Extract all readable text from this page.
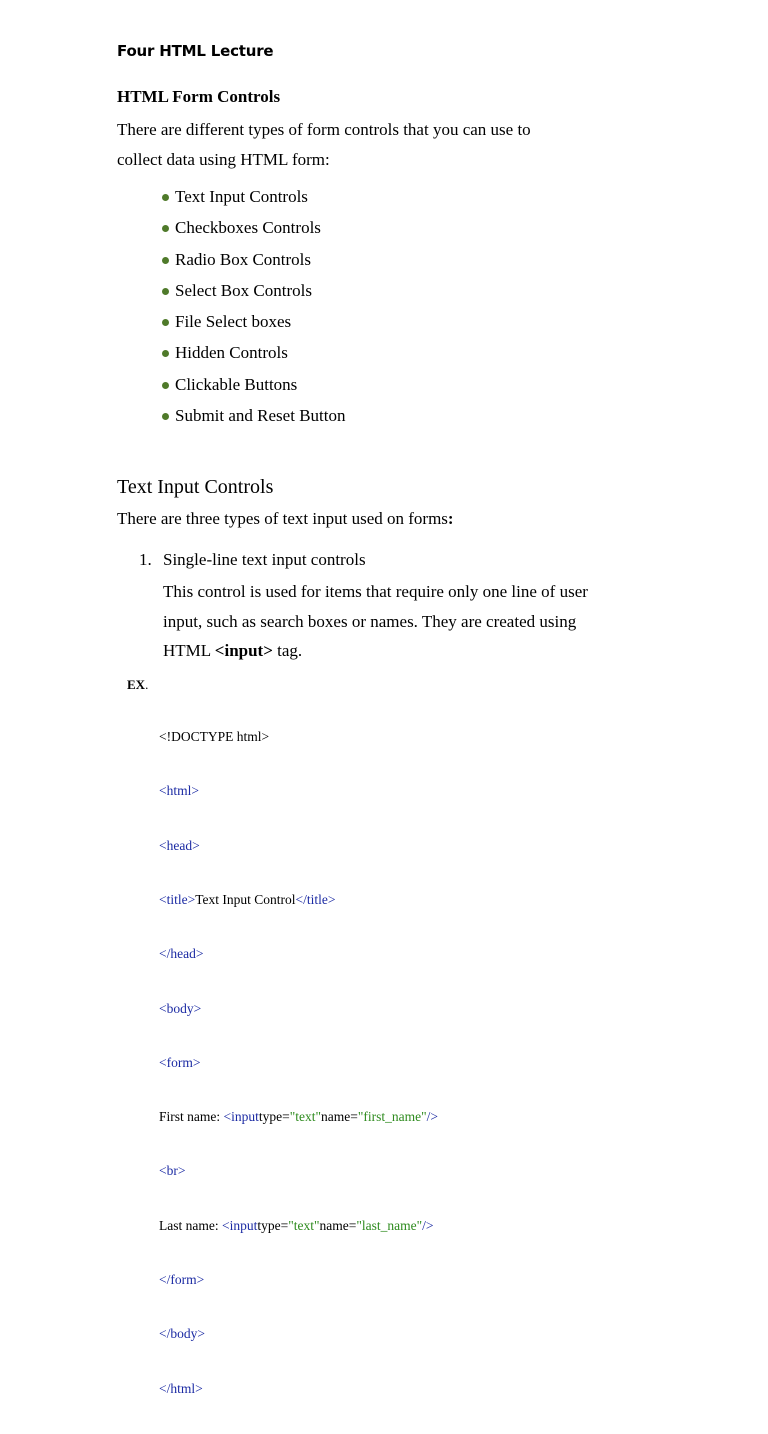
Four HTML Lecture
HTML Form Controls
There are different types of form controls that you can use to
collect data using HTML form:
Text Input Controls
Checkboxes Controls
Radio Box Controls
Select Box Controls
File Select boxes
Hidden Controls
Clickable Buttons
Submit and Reset Button
Text Input Controls
There are three types of text input used on forms:
1. Single-line text input controls
This control is used for items that require only one line of user
input, such as search boxes or names. They are created using
HTML <input> tag.
EX.

<!DOCTYPE html>

<html>

<head>

<title>Text Input Control</title>

</head>

<body>

<form>

First name: <inputtype="text"name="first_name"/>

<br>

Last name: <inputtype="text"name="last_name"/>

</form>

</body>

</html>
